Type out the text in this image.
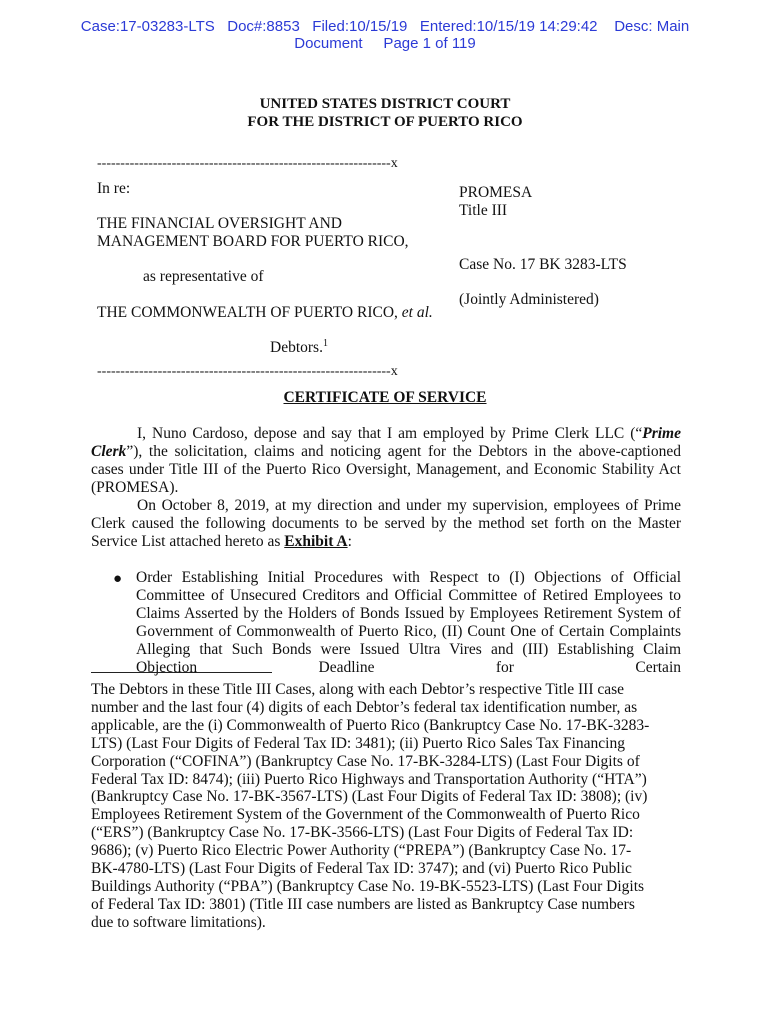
Case:17-03283-LTS   Doc#:8853   Filed:10/15/19   Entered:10/15/19 14:29:42    Desc: Main
Document     Page 1 of 119
UNITED STATES DISTRICT COURT
FOR THE DISTRICT OF PUERTO RICO
---------------------------------------------------------------x
In re:
THE FINANCIAL OVERSIGHT AND
MANAGEMENT BOARD FOR PUERTO RICO,
as representative of
THE COMMONWEALTH OF PUERTO RICO, et al.
Debtors.$^1$
---------------------------------------------------------------x
PROMESA
Title III
Case No. 17 BK 3283-LTS
(Jointly Administered)
CERTIFICATE OF SERVICE
I, Nuno Cardoso, depose and say that I am employed by Prime Clerk LLC (“Prime Clerk”), the solicitation, claims and noticing agent for the Debtors in the above-captioned cases under Title III of the Puerto Rico Oversight, Management, and Economic Stability Act (PROMESA).
On October 8, 2019, at my direction and under my supervision, employees of Prime Clerk caused the following documents to be served by the method set forth on the Master Service List attached hereto as Exhibit A:
● Order Establishing Initial Procedures with Respect to (I) Objections of Official Committee of Unsecured Creditors and Official Committee of Retired Employees to Claims Asserted by the Holders of Bonds Issued by Employees Retirement System of Government of Commonwealth of Puerto Rico, (II) Count One of Certain Complaints Alleging that Such Bonds were Issued Ultra Vires and (III) Establishing Claim Objection Deadline for Certain
The Debtors in these Title III Cases, along with each Debtor’s respective Title III case number and the last four (4) digits of each Debtor’s federal tax identification number, as applicable, are the (i) Commonwealth of Puerto Rico (Bankruptcy Case No. 17-BK-3283-LTS) (Last Four Digits of Federal Tax ID: 3481); (ii) Puerto Rico Sales Tax Financing Corporation (“COFINA”) (Bankruptcy Case No. 17-BK-3284-LTS) (Last Four Digits of Federal Tax ID: 8474); (iii) Puerto Rico Highways and Transportation Authority (“HTA”) (Bankruptcy Case No. 17-BK-3567-LTS) (Last Four Digits of Federal Tax ID: 3808); (iv) Employees Retirement System of the Government of the Commonwealth of Puerto Rico (“ERS”) (Bankruptcy Case No. 17-BK-3566-LTS) (Last Four Digits of Federal Tax ID: 9686); (v) Puerto Rico Electric Power Authority (“PREPA”) (Bankruptcy Case No. 17-BK-4780-LTS) (Last Four Digits of Federal Tax ID: 3747); and (vi) Puerto Rico Public Buildings Authority (“PBA”) (Bankruptcy Case No. 19-BK-5523-LTS) (Last Four Digits of Federal Tax ID: 3801) (Title III case numbers are listed as Bankruptcy Case numbers due to software limitations).
